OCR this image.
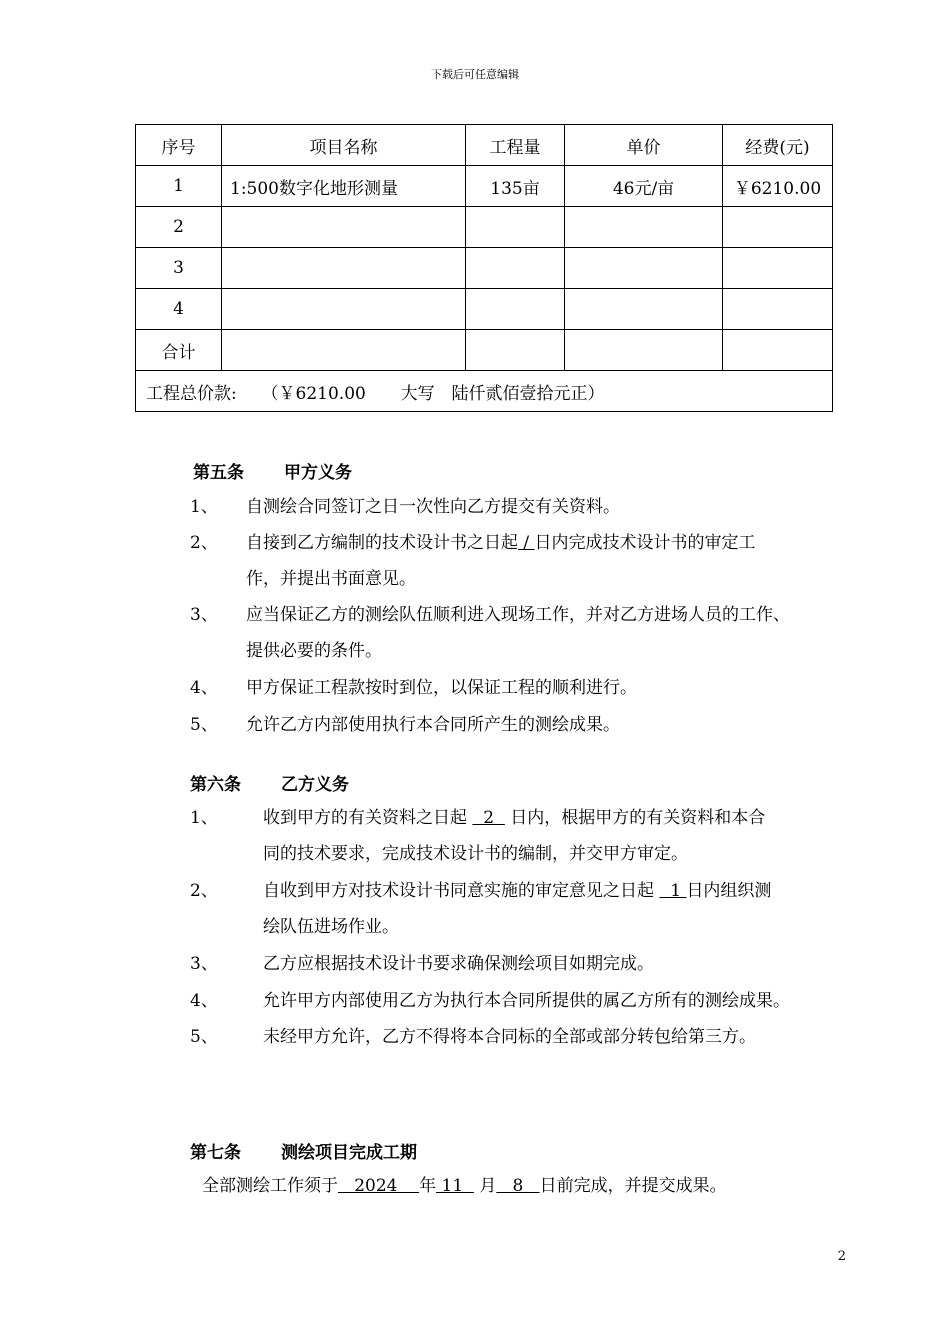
下载后可任意编辑
序号	项目名称	工程量	单价	经费(元)
1	1:500数字化地形测量	135亩	46元/亩	￥6210.00
2				
3				
4				
合计				
工程总价款: （￥6210.00 大写 陆仟贰佰壹拾元正）				
第五条 甲方义务
1、 自测绘合同签订之日一次性向乙方提交有关资料。
2、 自接到乙方编制的技术设计书之日起 / 日内完成技术设计书的审定工
作，并提出书面意见。
3、 应当保证乙方的测绘队伍顺利进入现场工作，并对乙方进场人员的工作、
提供必要的条件。
4、 甲方保证工程款按时到位，以保证工程的顺利进行。
5、 允许乙方内部使用执行本合同所产生的测绘成果。
第六条 乙方义务
1、	收到甲方的有关资料之日起   2   日内，根据甲方的有关资料和本合
同的技术要求，完成技术设计书的编制，并交甲方审定。
2、	自收到甲方对技术设计书同意实施的审定意见之日起   1 日内组织测
绘队伍进场作业。
3、	乙方应根据技术设计书要求确保测绘项目如期完成。
4、	允许甲方内部使用乙方为执行本合同所提供的属乙方所有的测绘成果。
5、	未经甲方允许，乙方不得将本合同标的全部或部分转包给第三方。
第七条 测绘项目完成工期
全部测绘工作须于   2024    年 11   月   8   日前完成，并提交成果。
2
